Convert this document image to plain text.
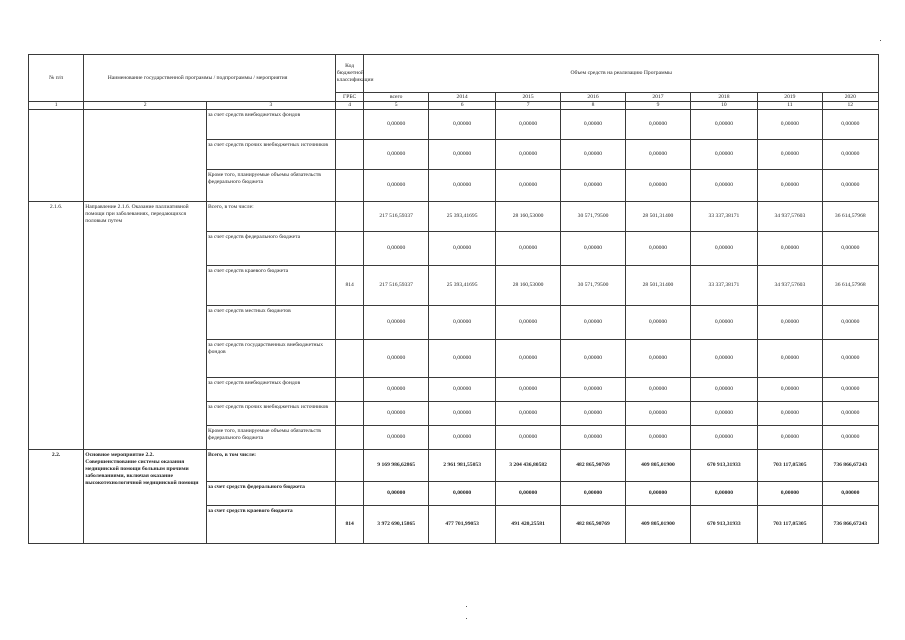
№ п/п	Наименование государственной программы / подпрограммы / мероприятия		Код бюджетной классификации	Объем средств на реализацию Программы							
			ГРБС	всего	2014	2015	2016	2017	2018	2019	2020
1	2	3	4	5	6	7	8	9	10	11	12
		за счет средств внебюджетных фондов		0,00000	0,00000	0,00000	0,00000	0,00000	0,00000	0,00000	0,00000
		за счет средств прочих внебюджетных источников		0,00000	0,00000	0,00000	0,00000	0,00000	0,00000	0,00000	0,00000
		Кроме того, планируемые объемы обязательств федерального бюджета		0,00000	0,00000	0,00000	0,00000	0,00000	0,00000	0,00000	0,00000
2.1.6.	Направление 2.1.6. Оказание паллиативной помощи при заболеваниях, передающихся половым путем	Всего, в том числе:		217 516,59337	25 393,41695	28 160,53000	30 571,79500	28 501,31400	33 337,38171	34 937,57603	36 614,57968
		за счет средств федерального бюджета		0,00000	0,00000	0,00000	0,00000	0,00000	0,00000	0,00000	0,00000
		за счет средств краевого бюджета	814	217 516,59337	25 393,41695	28 160,53000	30 571,79500	28 501,31400	33 337,38171	34 937,57603	36 614,57968
		за счет средств местных бюджетов		0,00000	0,00000	0,00000	0,00000	0,00000	0,00000	0,00000	0,00000
		за счет средств государственных внебюджетных фондов		0,00000	0,00000	0,00000	0,00000	0,00000	0,00000	0,00000	0,00000
		за счет средств внебюджетных фондов		0,00000	0,00000	0,00000	0,00000	0,00000	0,00000	0,00000	0,00000
		за счет средств прочих внебюджетных источников		0,00000	0,00000	0,00000	0,00000	0,00000	0,00000	0,00000	0,00000
		Кроме того, планируемые объемы обязательств федерального бюджета		0,00000	0,00000	0,00000	0,00000	0,00000	0,00000	0,00000	0,00000
2.2.	Основное мероприятие 2.2. Совершенствование системы оказания медицинской помощи больным прочими заболеваниями, включая оказание высокотехнологичной медицинской помощи	Всего, в том числе:		9 169 986,62865	2 961 981,55053	3 204 436,80582	482 865,90769	409 805,01900	670 913,31933	703 117,05305	736 866,67243
		за счет средств федерального бюджета		0,00000	0,00000	0,00000	0,00000	0,00000	0,00000	0,00000	0,00000
		за счет средств краевого бюджета	814	3 972 690,15865	477 701,99053	491 420,25581	482 865,90769	409 805,01900	670 913,31933	703 117,05305	736 866,67243
